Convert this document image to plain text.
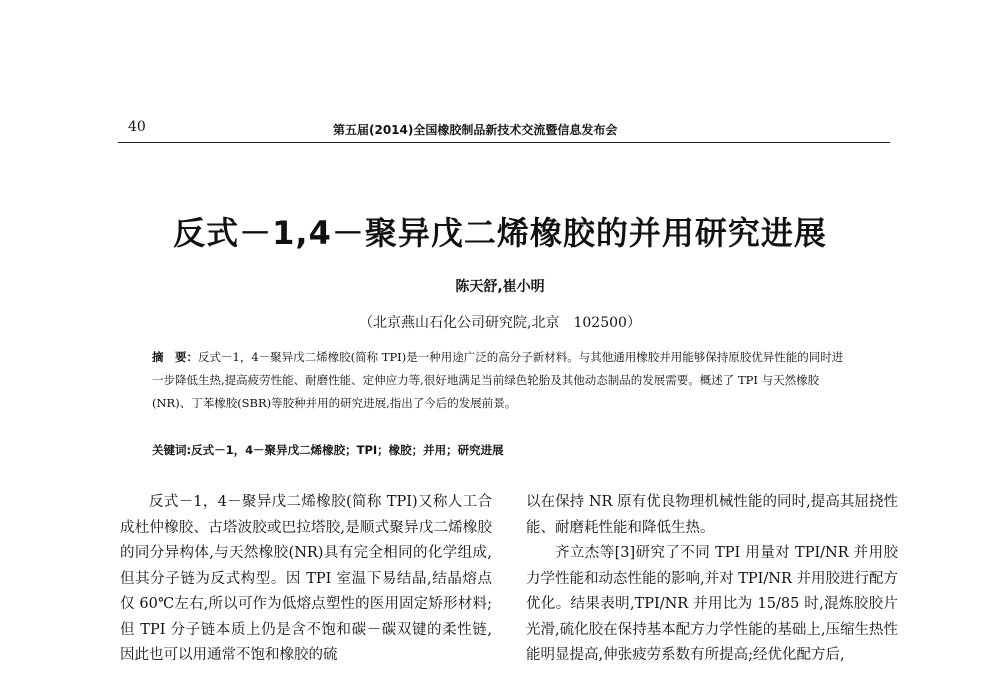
40	第五届(2014)全国橡胶制品新技术交流暨信息发布会
反式－1,4－聚异戊二烯橡胶的并用研究进展
陈天舒,崔小明
（北京燕山石化公司研究院,北京　102500）
摘　要：反式－1，4－聚异戊二烯橡胶(简称 TPI)是一种用途广泛的高分子新材料。与其他通用橡胶并用能够保持原胶优异性能的同时进一步降低生热,提高疲劳性能、耐磨性能、定伸应力等,很好地满足当前绿色轮胎及其他动态制品的发展需要。概述了 TPI 与天然橡胶(NR)、丁苯橡胶(SBR)等胶种并用的研究进展,指出了今后的发展前景。
关键词:反式－1，4－聚异戊二烯橡胶；TPI；橡胶；并用；研究进展

反式－1，4－聚异戊二烯橡胶(简称 TPI)又称人工合成杜仲橡胶、古塔波胶或巴拉塔胶,是顺式聚异戊二烯橡胶的同分异构体,与天然橡胶(NR)具有完全相同的化学组成,但其分子链为反式构型。因 TPI 室温下易结晶,结晶熔点仅 60℃左右,所以可作为低熔点塑性的医用固定矫形材料;但 TPI 分子链本质上仍是含不饱和碳－碳双键的柔性链,因此也可以用通常不饱和橡胶的硫

以在保持 NR 原有优良物理机械性能的同时,提高其屈挠性能、耐磨耗性能和降低生热。

齐立杰等[3]研究了不同 TPI 用量对 TPI/NR 并用胶力学性能和动态性能的影响,并对 TPI/NR 并用胶进行配方优化。结果表明,TPI/NR 并用比为 15/85 时,混炼胶胶片光滑,硫化胶在保持基本配方力学性能的基础上,压缩生热性能明显提高,伸张疲劳系数有所提高;经优化配方后,
